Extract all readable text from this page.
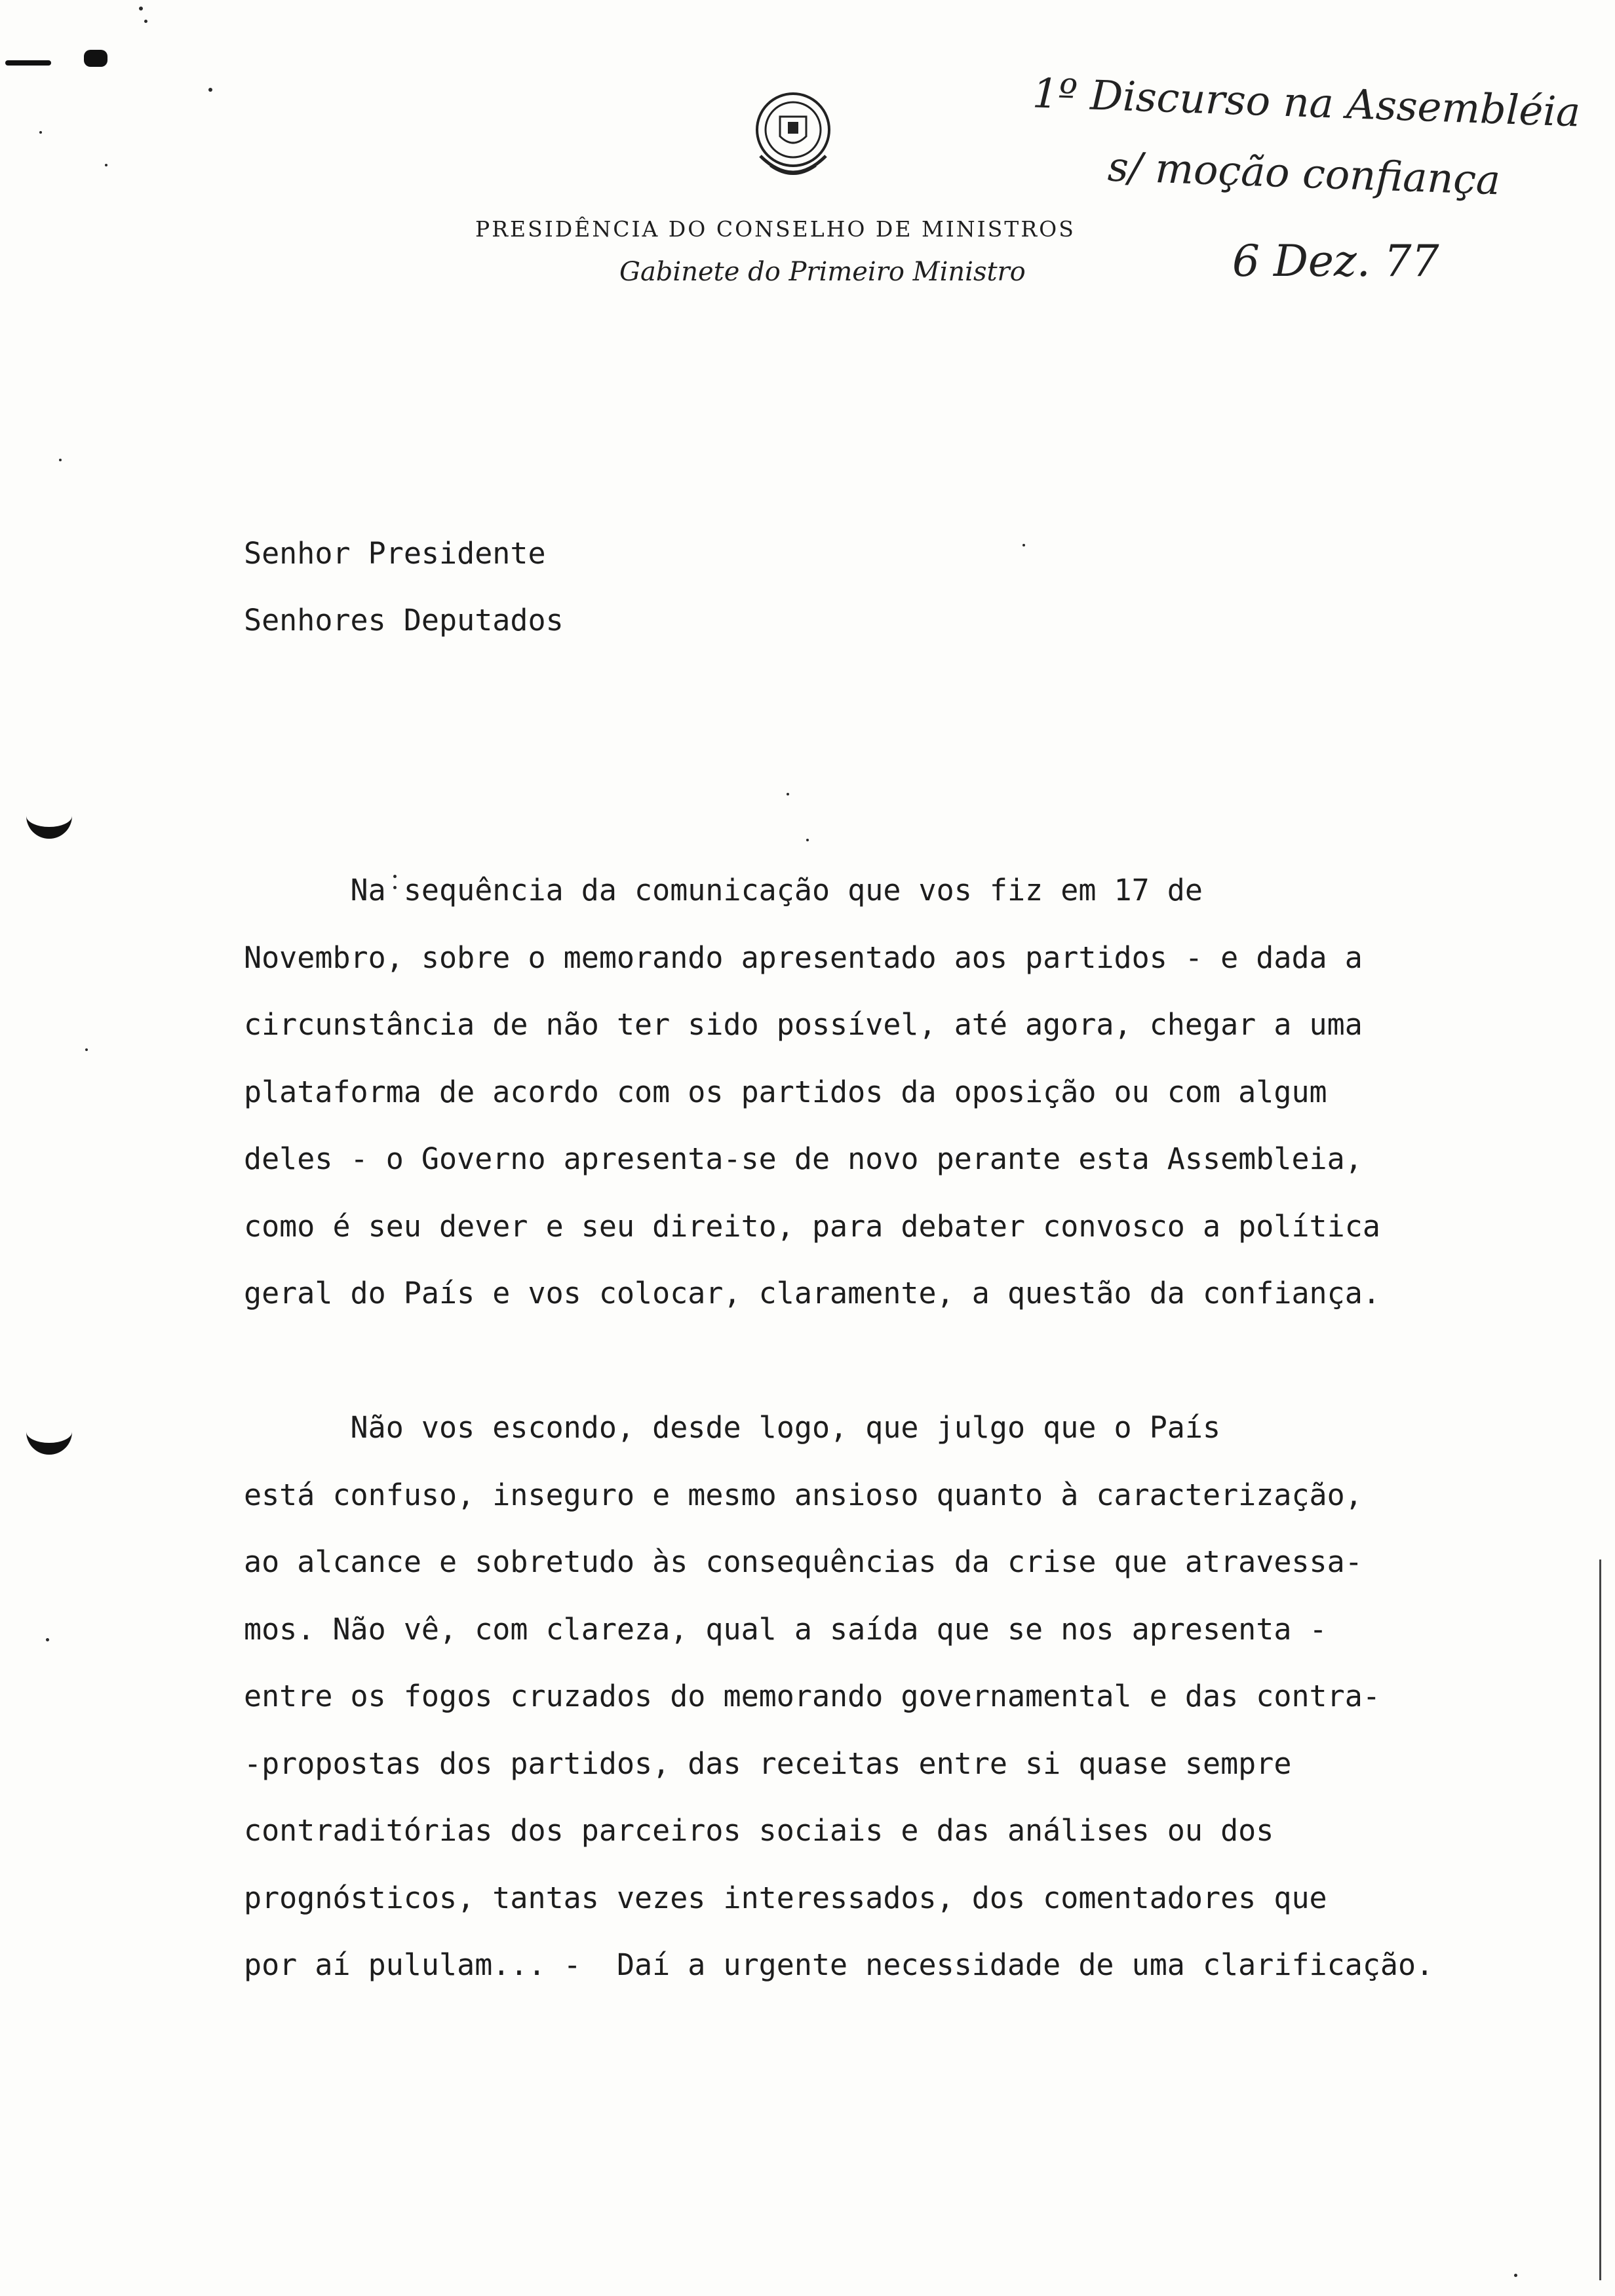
PRESIDÊNCIA DO CONSELHO DE MINISTROS
Gabinete do Primeiro Ministro
1º Discurso na Assembléia
s/ moção confiança
6 Dez. 77
Senhor Presidente
Senhores Deputados
Na sequência da comunicação que vos fiz em 17 de
Novembro, sobre o memorando apresentado aos partidos - e dada a
circunstância de não ter sido possível, até agora, chegar a uma
plataforma de acordo com os partidos da oposição ou com algum
deles - o Governo apresenta-se de novo perante esta Assembleia,
como é seu dever e seu direito, para debater convosco a política
geral do País e vos colocar, claramente, a questão da confiança.
Não vos escondo, desde logo, que julgo que o País
está confuso, inseguro e mesmo ansioso quanto à caracterização,
ao alcance e sobretudo às consequências da crise que atravessa-
mos. Não vê, com clareza, qual a saída que se nos apresenta -
entre os fogos cruzados do memorando governamental e das contra-
-propostas dos partidos, das receitas entre si quase sempre
contraditórias dos parceiros sociais e das análises ou dos
prognósticos, tantas vezes interessados, dos comentadores que
por aí pululam... -  Daí a urgente necessidade de uma clarificação.
